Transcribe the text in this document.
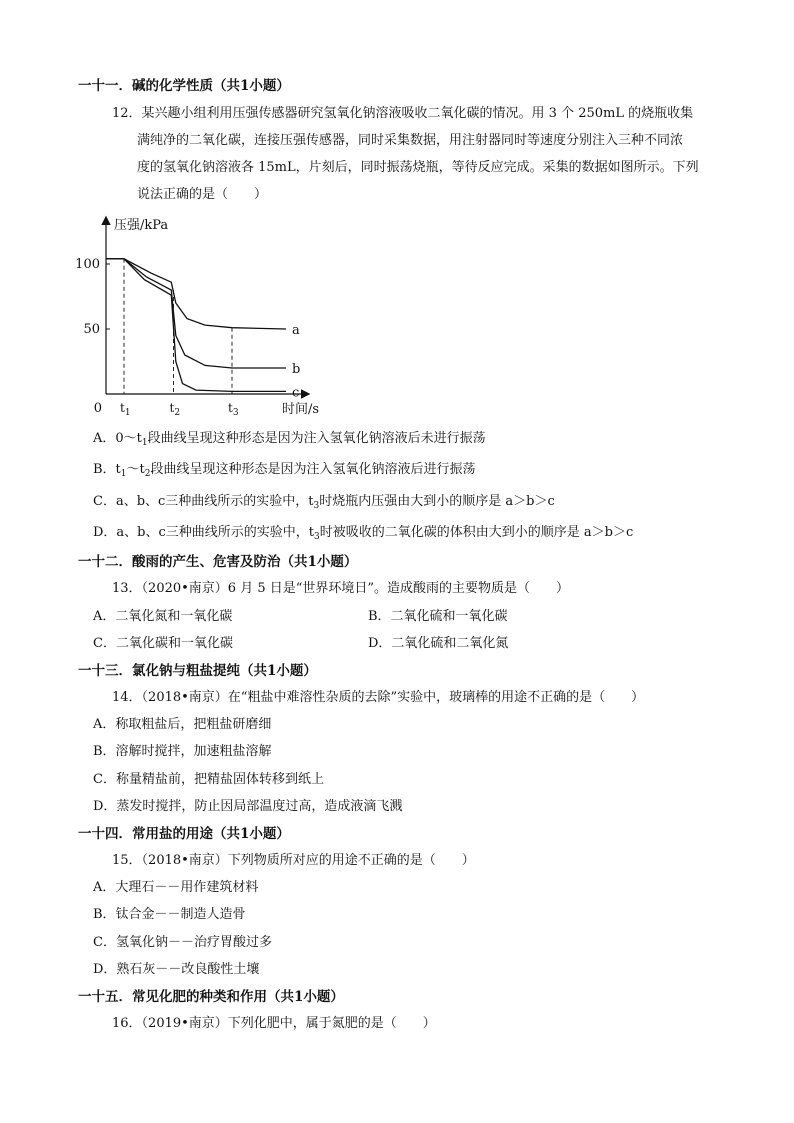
一十一．碱的化学性质（共1小题）
一十二．酸雨的产生、危害及防治（共1小题）
一十三．氯化钠与粗盐提纯（共1小题）
一十四．常用盐的用途（共1小题）
一十五．常见化肥的种类和作用（共1小题）
12．某兴趣小组利用压强传感器研究氢氧化钠溶液吸收二氧化碳的情况。用 3 个 250mL 的烧瓶收集
满纯净的二氧化碳，连接压强传感器，同时采集数据，用注射器同时等速度分别注入三种不同浓
度的氢氧化钠溶液各 15mL，片刻后，同时振荡烧瓶，等待反应完成。采集的数据如图所示。下列
说法正确的是（　　）
压强/kPa
时间/s
0
100
50
$t_1$	$t_2$	$t_3$
a
b
c
A．$0\sim t_1$段曲线呈现这种形态是因为注入氢氧化钠溶液后未进行振荡
B．$t_1\sim t_2$段曲线呈现这种形态是因为注入氢氧化钠溶液后进行振荡
C．a、b、c三种曲线所示的实验中，$t_3$时烧瓶内压强由大到小的顺序是 a＞b＞c
D．a、b、c三种曲线所示的实验中，$t_3$时被吸收的二氧化碳的体积由大到小的顺序是 a＞b＞c
13．（2020•南京）6 月 5 日是“世界环境日”。造成酸雨的主要物质是（　　）
A．二氧化氮和一氧化碳	B．二氧化硫和一氧化碳
C．二氧化碳和一氧化碳	D．二氧化硫和二氧化氮
14．（2018•南京）在“粗盐中难溶性杂质的去除”实验中，玻璃棒的用途不正确的是（　　）
A．称取粗盐后，把粗盐研磨细
B．溶解时搅拌，加速粗盐溶解
C．称量精盐前，把精盐固体转移到纸上
D．蒸发时搅拌，防止因局部温度过高，造成液滴飞溅
15．（2018•南京）下列物质所对应的用途不正确的是（　　）
A．大理石－－用作建筑材料
B．钛合金－－制造人造骨
C．氢氧化钠－－治疗胃酸过多
D．熟石灰－－改良酸性土壤
16．（2019•南京）下列化肥中，属于氮肥的是（　　）
